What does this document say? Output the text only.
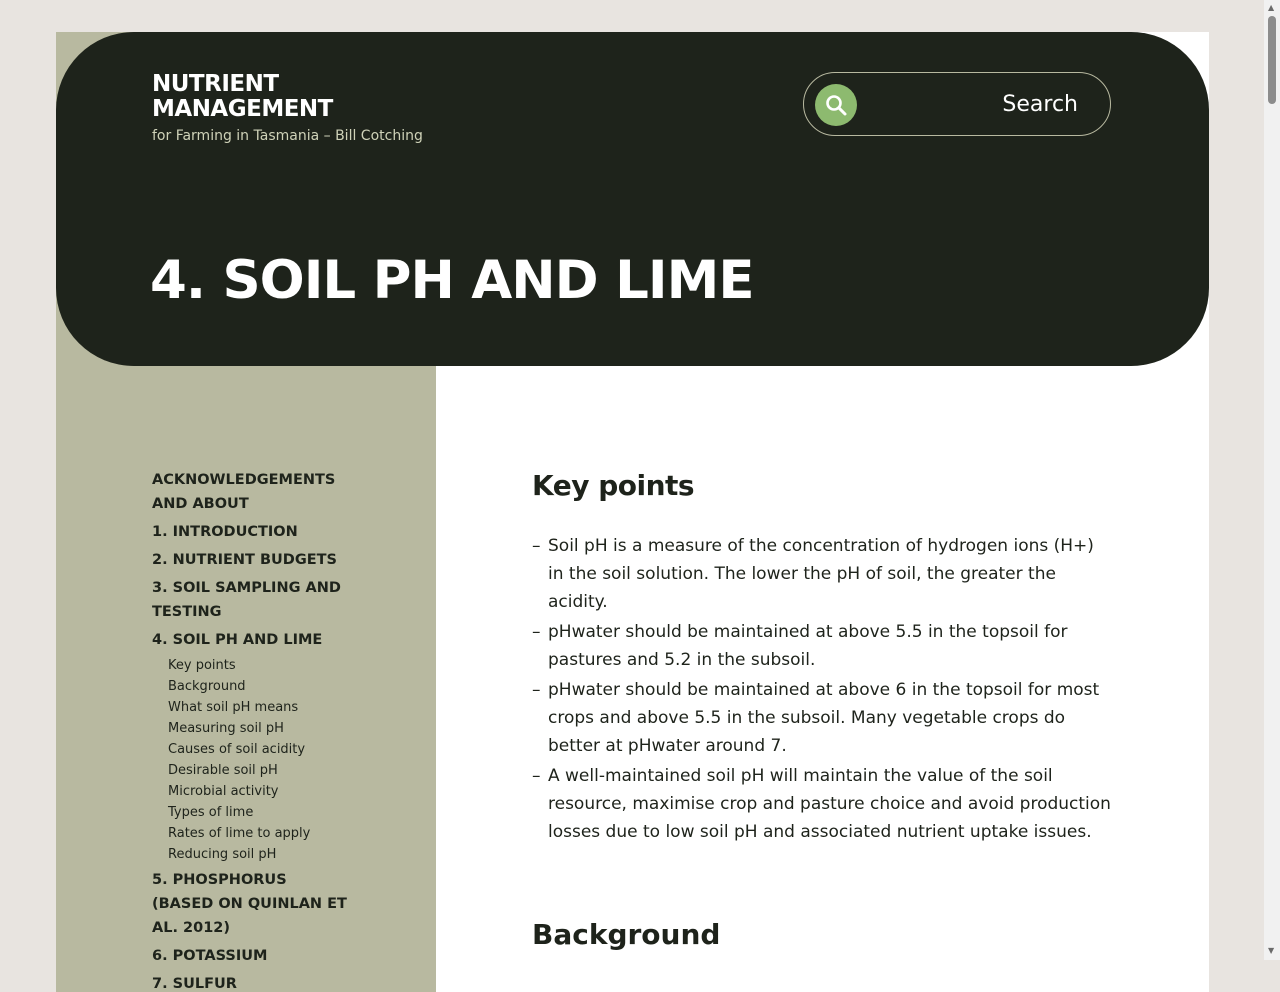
NUTRIENT MANAGEMENT
for Farming in Tasmania – Bill Cotching
Search
4. SOIL PH AND LIME
ACKNOWLEDGEMENTS AND ABOUT
1. INTRODUCTION
2. NUTRIENT BUDGETS
3. SOIL SAMPLING AND TESTING
4. SOIL PH AND LIME
Key points
Background
What soil pH means
Measuring soil pH
Causes of soil acidity
Desirable soil pH
Microbial activity
Types of lime
Rates of lime to apply
Reducing soil pH
5. PHOSPHORUS (BASED ON QUINLAN ET AL. 2012)
6. POTASSIUM
7. SULFUR
Key points
– Soil pH is a measure of the concentration of hydrogen ions (H+) in the soil solution. The lower the pH of soil, the greater the acidity.
– pHwater should be maintained at above 5.5 in the topsoil for pastures and 5.2 in the subsoil.
– pHwater should be maintained at above 6 in the topsoil for most crops and above 5.5 in the subsoil. Many vegetable crops do better at pHwater around 7.
– A well-maintained soil pH will maintain the value of the soil resource, maximise crop and pasture choice and avoid production losses due to low soil pH and associated nutrient uptake issues.
Background
▲
▼
